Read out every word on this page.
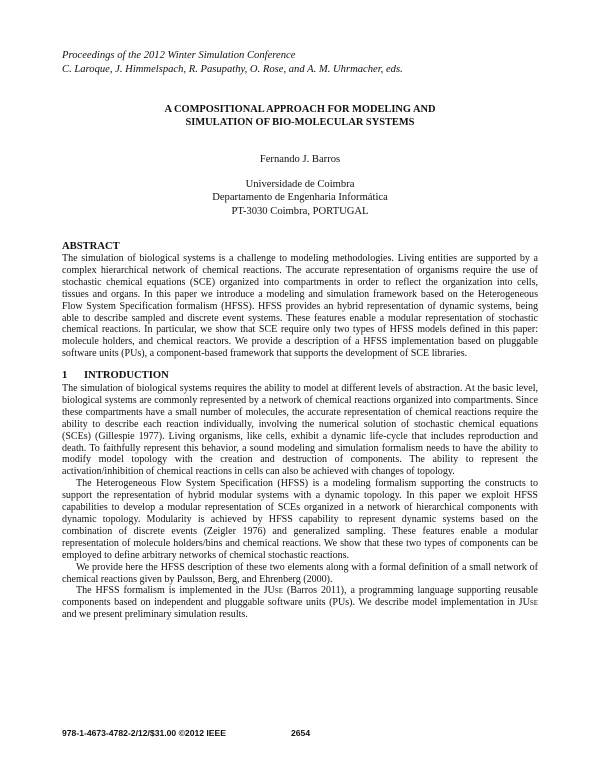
Proceedings of the 2012 Winter Simulation Conference
C. Laroque, J. Himmelspach, R. Pasupathy, O. Rose, and A. M. Uhrmacher, eds.
A COMPOSITIONAL APPROACH FOR MODELING AND
SIMULATION OF BIO-MOLECULAR SYSTEMS
Fernando J. Barros
Universidade de Coimbra
Departamento de Engenharia Informática
PT-3030 Coimbra, PORTUGAL
ABSTRACT

The simulation of biological systems is a challenge to modeling methodologies. Living entities are supported by a complex hierarchical network of chemical reactions. The accurate representation of organisms require the use of stochastic chemical equations (SCE) organized into compartments in order to reflect the organization into cells, tissues and organs. In this paper we introduce a modeling and simulation framework based on the Heterogeneous Flow System Specification formalism (HFSS). HFSS provides an hybrid representation of dynamic systems, being able to describe sampled and discrete event systems. These features enable a modular representation of stochastic chemical reactions. In particular, we show that SCE require only two types of HFSS models defined in this paper: molecule holders, and chemical reactors. We provide a description of a HFSS implementation based on pluggable software units (PUs), a component-based framework that supports the development of SCE libraries.

1 INTRODUCTION

The simulation of biological systems requires the ability to model at different levels of abstraction. At the basic level, biological systems are commonly represented by a network of chemical reactions organized into compartments. Since these compartments have a small number of molecules, the accurate representation of chemical reactions require the ability to describe each reaction individually, involving the numerical solution of stochastic chemical equations (SCEs) (Gillespie 1977). Living organisms, like cells, exhibit a dynamic life-cycle that includes reproduction and death. To faithfully represent this behavior, a sound modeling and simulation formalism needs to have the ability to modify model topology with the creation and destruction of components. The ability to represent the activation/inhibition of chemical reactions in cells can also be achieved with changes of topology.

The Heterogeneous Flow System Specification (HFSS) is a modeling formalism supporting the constructs to support the representation of hybrid modular systems with a dynamic topology. In this paper we exploit HFSS capabilities to develop a modular representation of SCEs organized in a network of hierarchical components with dynamic topology. Modularity is achieved by HFSS capability to represent dynamic systems based on the combination of discrete events (Zeigler 1976) and generalized sampling. These features enable a modular representation of molecule holders/bins and chemical reactions. We show that these two types of components can be employed to define arbitrary networks of chemical stochastic reactions.

We provide here the HFSS description of these two elements along with a formal definition of a small network of chemical reactions given by Paulsson, Berg, and Ehrenberg (2000).

The HFSS formalism is implemented in the JUse (Barros 2011), a programming language supporting reusable components based on independent and pluggable software units (PUs). We describe model implementation in JUse and we present preliminary simulation results.

978-1-4673-4782-2/12/$31.00 ©2012 IEEE	2654
